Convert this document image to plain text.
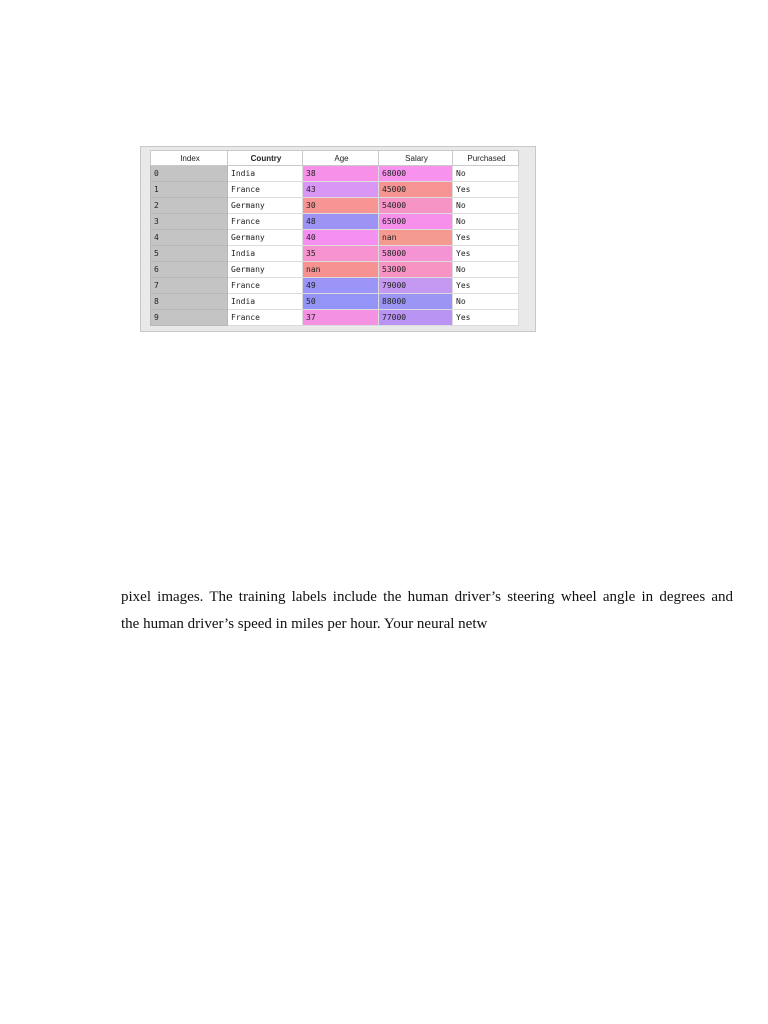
Index	Country	Age	Salary	Purchased
0	India	38	68000	No
1	France	43	45000	Yes
2	Germany	30	54000	No
3	France	48	65000	No
4	Germany	40	nan	Yes
5	India	35	58000	Yes
6	Germany	nan	53000	No
7	France	49	79000	Yes
8	India	50	88000	No
9	France	37	77000	Yes

pixel images. The training labels include the human driver’s steering wheel angle in degrees and
the human driver’s speed in miles per hour. Your neural netw
